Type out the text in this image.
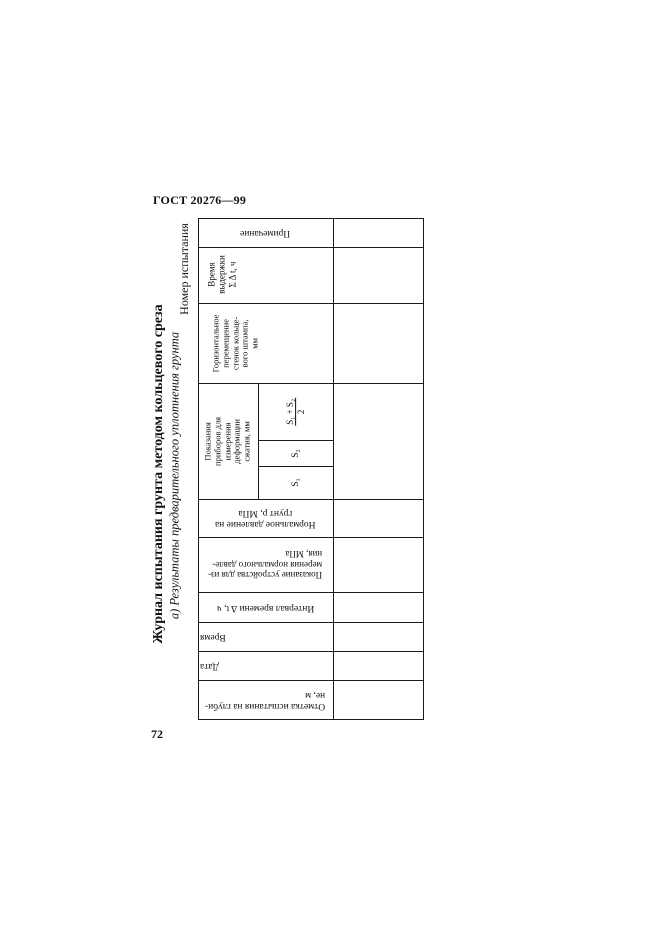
ГОСТ 20276—99
Журнал испытания грунта методом кольцевого среза а) Результаты предварительного уплотнения грунта
Номер испытания	Примечание
Время
выдержки
Σ Δ t, ч
Горизонтальное
перемещение
стенок кольце-
вого штампа,
мм
Показания приборов для
измерения деформации
сжатия, мм
S₁ + S₂ 2
S₂
S₁
Нормальное давление на
грунт p, МПа
Показание устройства для из-
мерения нормального давле-
ния, МПа
Интервал времени Δ t, ч
Время
Дата
Отметка испытания на глуби-
не, м
72
